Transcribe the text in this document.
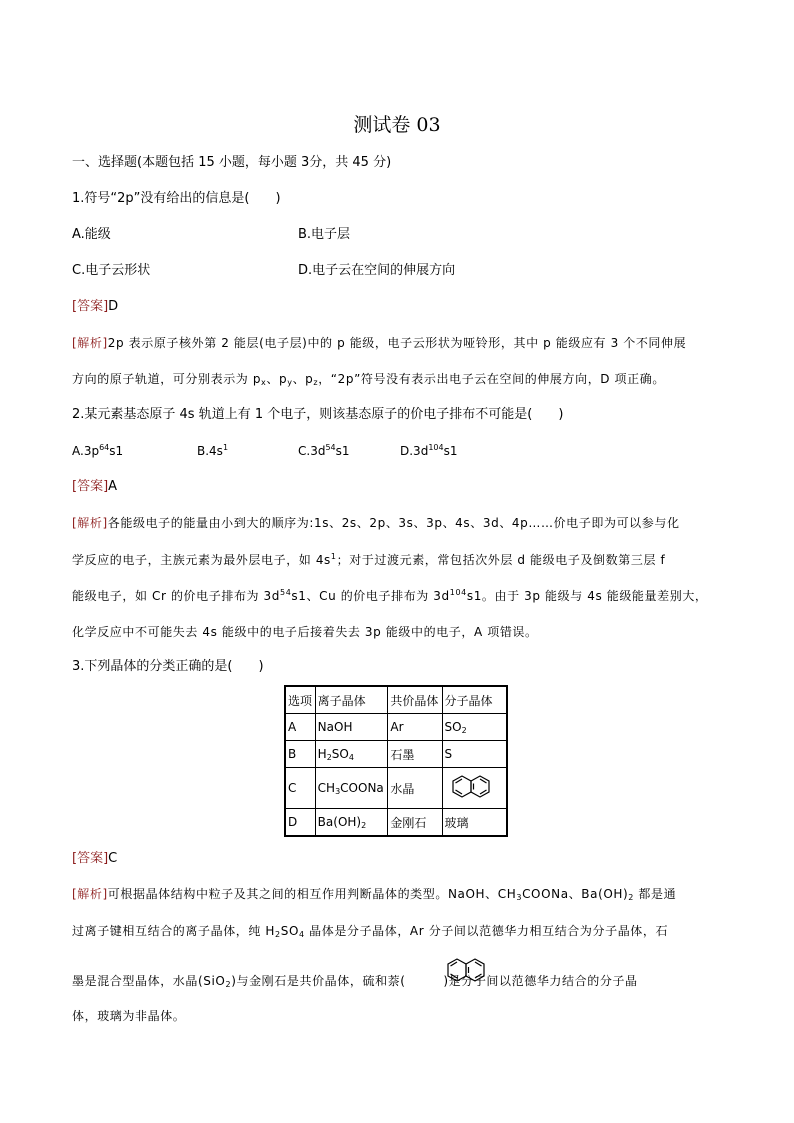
测试卷 03
一、选择题(本题包括 15 小题，每小题 3分，共 45 分)
1.符号“2p”没有给出的信息是(　　)
A.能级	B.电子层
C.电子云形状	D.电子云在空间的伸展方向
[答案]D
[解析]2p 表示原子核外第 2 能层(电子层)中的 p 能级，电子云形状为哑铃形，其中 p 能级应有 3 个不同伸展
方向的原子轨道，可分别表示为 $p_x$、$p_y$、$p_z$，“2p”符号没有表示出电子云在空间的伸展方向，D 项正确。
2.某元素基态原子 4s 轨道上有 1 个电子，则该基态原子的价电子排布不可能是(　　)
$A.3p^{64}s1$	$B.4s^1$	$C.3d^{54}s1$	$D.3d^{104}s1$
[答案]A
[解析]各能级电子的能量由小到大的顺序为:1s、2s、2p、3s、3p、4s、3d、4p……价电子即为可以参与化
学反应的电子，主族元素为最外层电子，如 $4s^1$；对于过渡元素，常包括次外层 d 能级电子及倒数第三层 f
能级电子，如 Cr 的价电子排布为 $3d^{54}s1$、Cu 的价电子排布为 $3d^{104}s1$。由于 3p 能级与 4s 能级能量差别大，
化学反应中不可能失去 4s 能级中的电子后接着失去 3p 能级中的电子，A 项错误。
3.下列晶体的分类正确的是(　　)
选项	离子晶体	共价晶体	分子晶体
A	NaOH	Ar	$SO_2$
B	$H_2SO_4$	石墨	S
C	$CH_3COONa$	水晶	
D	$Ba(OH)_2$	金刚石	玻璃
[答案]C
[解析]可根据晶体结构中粒子及其之间的相互作用判断晶体的类型。NaOH、$CH_3COONa$、$Ba(OH)_2$ 都是通
过离子键相互结合的离子晶体，纯 $H_2SO_4$ 晶体是分子晶体，Ar 分子间以范德华力相互结合为分子晶体，石
墨是混合型晶体，水晶(SiO$_2$)与金刚石是共价晶体，硫和萘(　　　)是分子间以范德华力结合的分子晶
体，玻璃为非晶体。
